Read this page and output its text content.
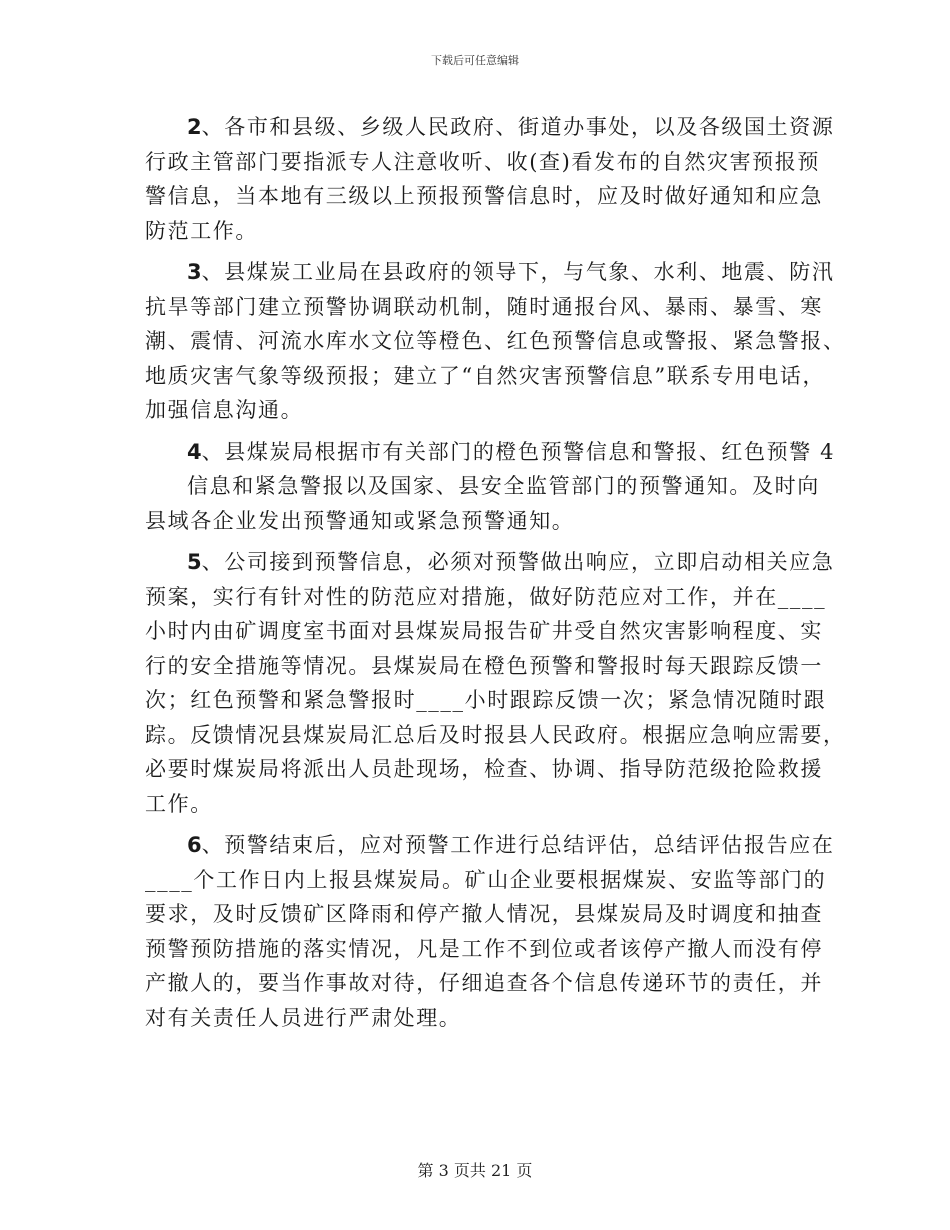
下载后可任意编辑
2、各市和县级、乡级人民政府、街道办事处，以及各级国土资源
行政主管部门要指派专人注意收听、收(查)看发布的自然灾害预报预
警信息，当本地有三级以上预报预警信息时，应及时做好通知和应急
防范工作。
3、县煤炭工业局在县政府的领导下，与气象、水利、地震、防汛
抗旱等部门建立预警协调联动机制，随时通报台风、暴雨、暴雪、寒
潮、震情、河流水库水文位等橙色、红色预警信息或警报、紧急警报、
地质灾害气象等级预报；建立了“自然灾害预警信息”联系专用电话，
加强信息沟通。
4、县煤炭局根据市有关部门的橙色预警信息和警报、红色预警 4
信息和紧急警报以及国家、县安全监管部门的预警通知。及时向
县域各企业发出预警通知或紧急预警通知。
5、公司接到预警信息，必须对预警做出响应，立即启动相关应急
预案，实行有针对性的防范应对措施，做好防范应对工作，并在____
小时内由矿调度室书面对县煤炭局报告矿井受自然灾害影响程度、实
行的安全措施等情况。县煤炭局在橙色预警和警报时每天跟踪反馈一
次；红色预警和紧急警报时____小时跟踪反馈一次；紧急情况随时跟
踪。反馈情况县煤炭局汇总后及时报县人民政府。根据应急响应需要，
必要时煤炭局将派出人员赴现场，检查、协调、指导防范级抢险救援
工作。
6、预警结束后，应对预警工作进行总结评估，总结评估报告应在
____个工作日内上报县煤炭局。矿山企业要根据煤炭、安监等部门的
要求，及时反馈矿区降雨和停产撤人情况，县煤炭局及时调度和抽查
预警预防措施的落实情况，凡是工作不到位或者该停产撤人而没有停
产撤人的，要当作事故对待，仔细追查各个信息传递环节的责任，并
对有关责任人员进行严肃处理。
第 3 页共 21 页
